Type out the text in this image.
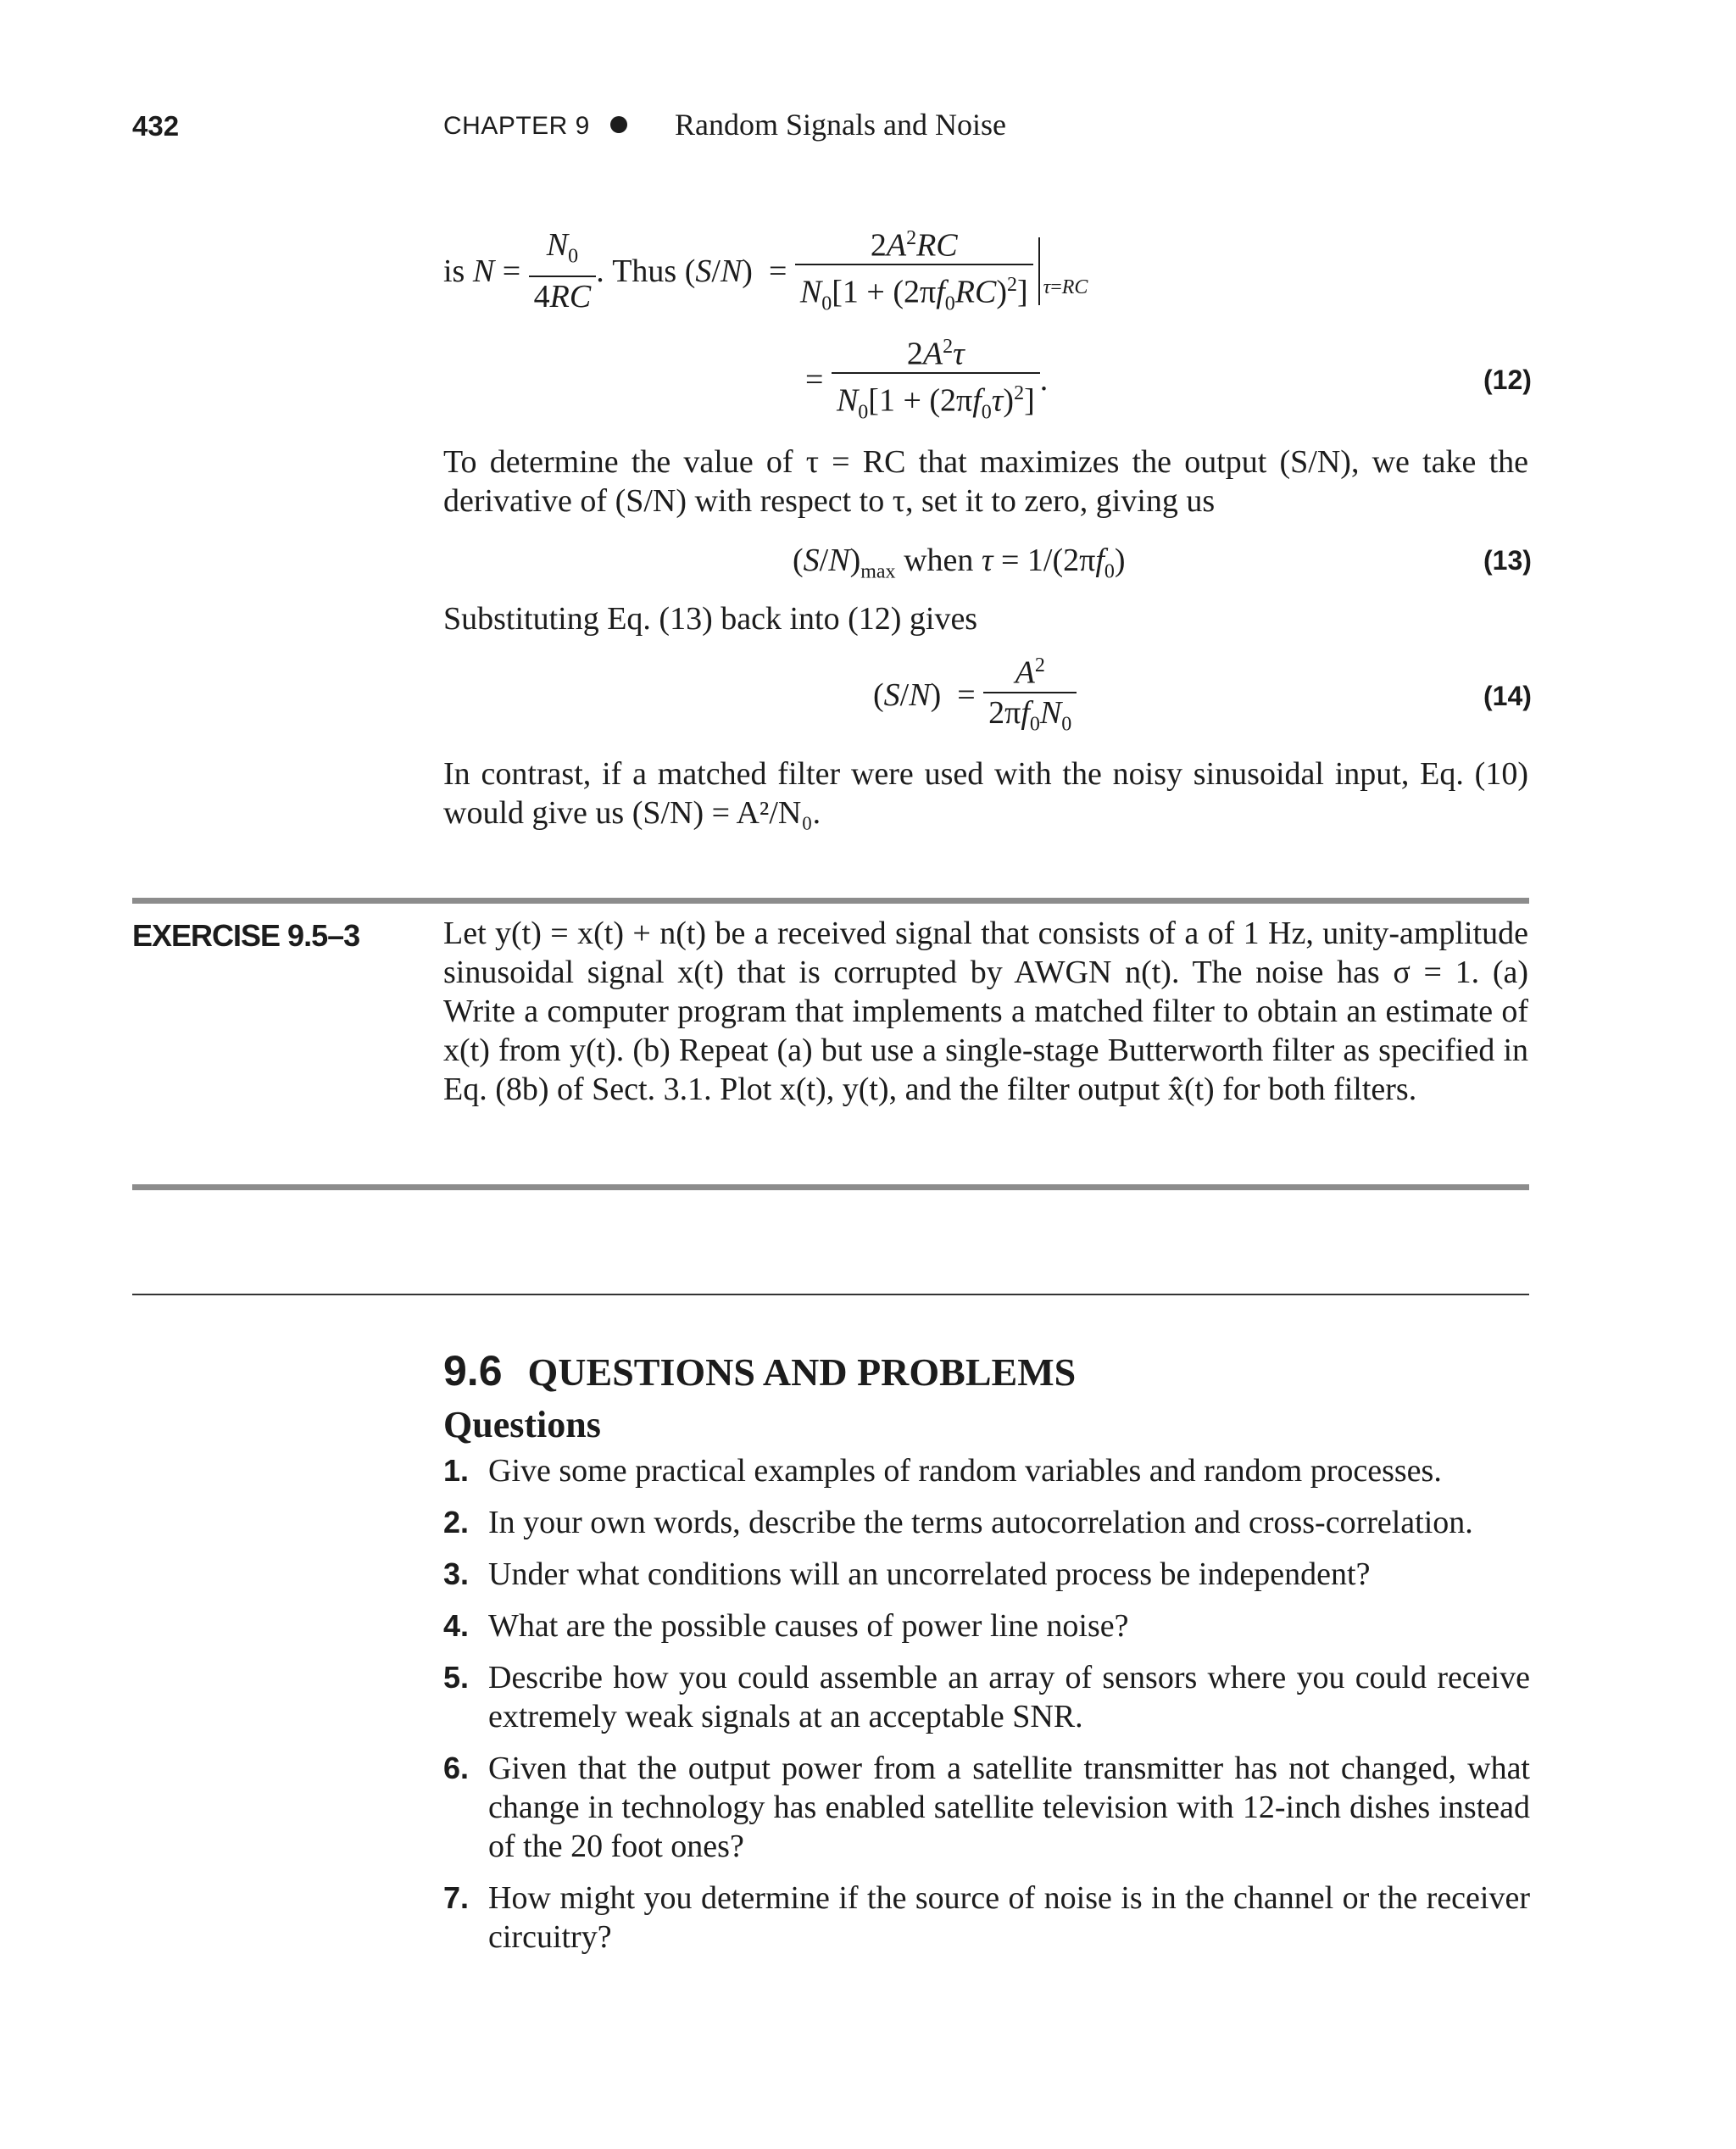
432	CHAPTER 9	Random Signals and Noise
is $N = \frac{N_0}{4RC}$ . Thus $(S/N) = \frac{2A^2RC}{N_0[1 + (2\pi f_0RC)^2]} \tau=RC$
= $\frac{2A^2\tau}{N_0[1 + (2\pi f_0\tau)^2]}$ .	(12)
To determine the value of τ = RC that maximizes the output (S/N), we take the derivative of (S/N) with respect to τ, set it to zero, giving us
$(S/N)_{max}$ when $\tau = 1/(2\pi f_0)$	(13)
Substituting Eq. (13) back into (12) gives
$(S/N) = \frac{A^2}{2\pi f_0N_0}$	(14)
In contrast, if a matched filter were used with the noisy sinusoidal input, Eq. (10) would give us (S/N) = A²/N₀.
EXERCISE 9.5–3	Let y(t) = x(t) + n(t) be a received signal that consists of a of 1 Hz, unity-amplitude sinusoidal signal x(t) that is corrupted by AWGN n(t). The noise has σ = 1. (a) Write a computer program that implements a matched filter to obtain an estimate of x(t) from y(t). (b) Repeat (a) but use a single-stage Butterworth filter as specified in Eq. (8b) of Sect. 3.1. Plot x(t), y(t), and the filter output x̂(t) for both filters.
9.6 QUESTIONS AND PROBLEMS
Questions
1. Give some practical examples of random variables and random processes.
2. In your own words, describe the terms autocorrelation and cross-correlation.
3. Under what conditions will an uncorrelated process be independent?
4. What are the possible causes of power line noise?
5. Describe how you could assemble an array of sensors where you could receive extremely weak signals at an acceptable SNR.
6. Given that the output power from a satellite transmitter has not changed, what change in technology has enabled satellite television with 12-inch dishes instead of the 20 foot ones?
7. How might you determine if the source of noise is in the channel or the receiver circuitry?
